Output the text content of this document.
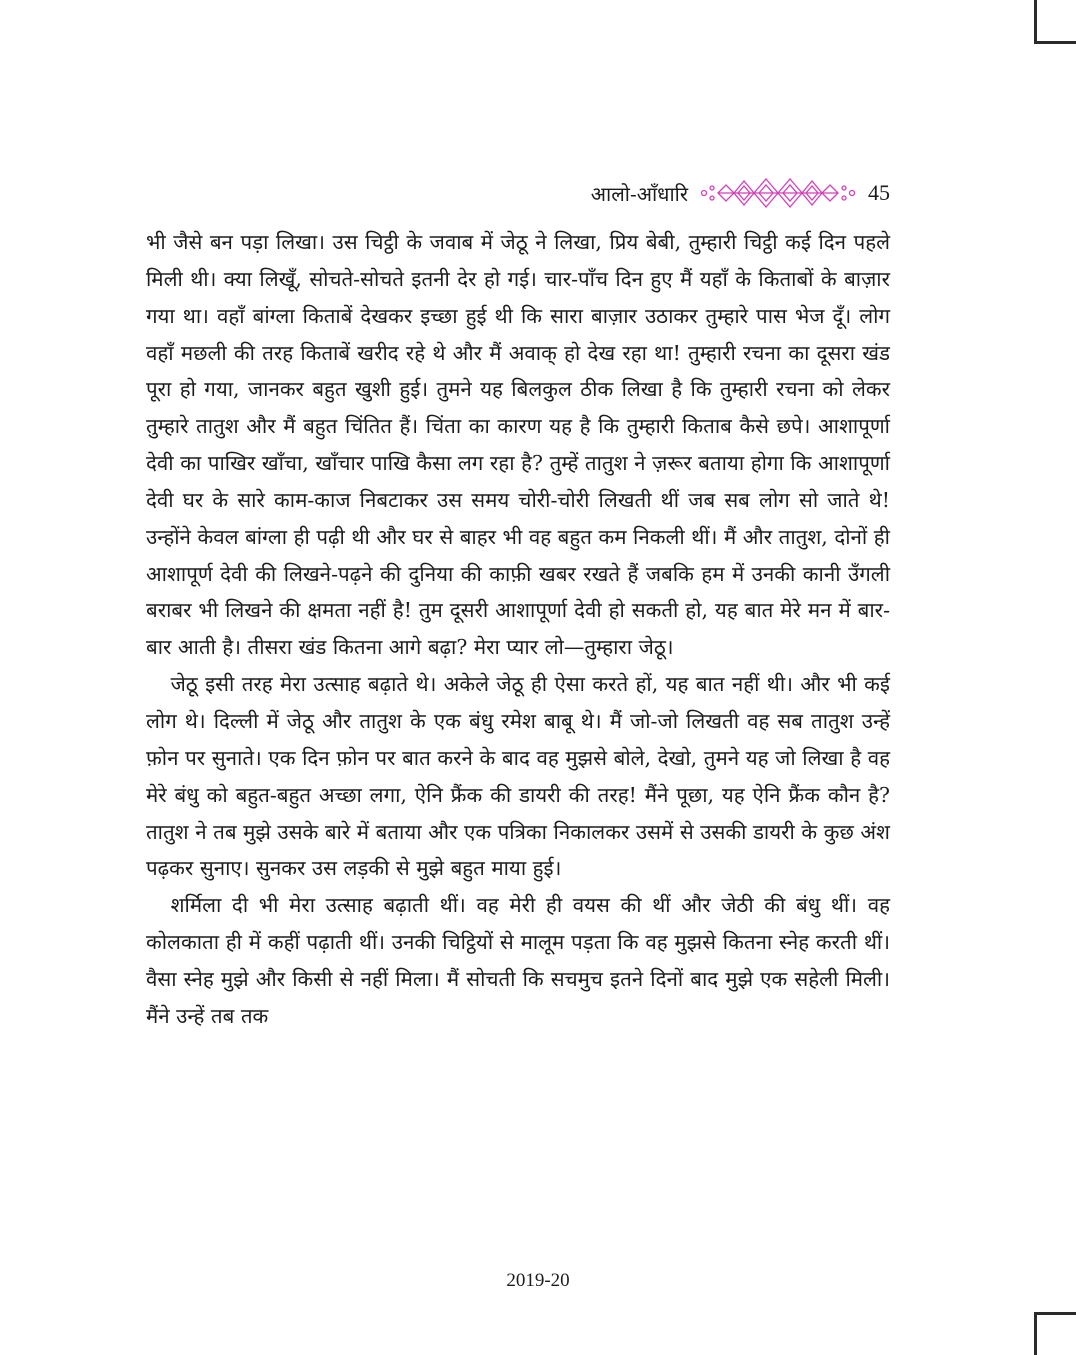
आलो-आँधारि	45

भी जैसे बन पड़ा लिखा। उस चिट्ठी के जवाब में जेठू ने लिखा, प्रिय बेबी, तुम्हारी चिट्ठी कई दिन पहले मिली थी। क्या लिखूँ, सोचते-सोचते इतनी देर हो गई। चार-पाँच दिन हुए मैं यहाँ के किताबों के बाज़ार गया था। वहाँ बांग्ला किताबें देखकर इच्छा हुई थी कि सारा बाज़ार उठाकर तुम्हारे पास भेज दूँ। लोग वहाँ मछली की तरह किताबें खरीद रहे थे और मैं अवाक् हो देख रहा था! तुम्हारी रचना का दूसरा खंड पूरा हो गया, जानकर बहुत खुशी हुई। तुमने यह बिलकुल ठीक लिखा है कि तुम्हारी रचना को लेकर तुम्हारे तातुश और मैं बहुत चिंतित हैं। चिंता का कारण यह है कि तुम्हारी किताब कैसे छपे। आशापूर्णा देवी का पाखिर खाँचा, खाँचार पाखि कैसा लग रहा है? तुम्हें तातुश ने ज़रूर बताया होगा कि आशापूर्णा देवी घर के सारे काम-काज निबटाकर उस समय चोरी-चोरी लिखती थीं जब सब लोग सो जाते थे! उन्होंने केवल बांग्ला ही पढ़ी थी और घर से बाहर भी वह बहुत कम निकली थीं। मैं और तातुश, दोनों ही आशापूर्ण देवी की लिखने-पढ़ने की दुनिया की काफ़ी खबर रखते हैं जबकि हम में उनकी कानी उँगली बराबर भी लिखने की क्षमता नहीं है! तुम दूसरी आशापूर्णा देवी हो सकती हो, यह बात मेरे मन में बार-बार आती है। तीसरा खंड कितना आगे बढ़ा? मेरा प्यार लो—तुम्हारा जेठू।

जेठू इसी तरह मेरा उत्साह बढ़ाते थे। अकेले जेठू ही ऐसा करते हों, यह बात नहीं थी। और भी कई लोग थे। दिल्ली में जेठू और तातुश के एक बंधु रमेश बाबू थे। मैं जो-जो लिखती वह सब तातुश उन्हें फ़ोन पर सुनाते। एक दिन फ़ोन पर बात करने के बाद वह मुझसे बोले, देखो, तुमने यह जो लिखा है वह मेरे बंधु को बहुत-बहुत अच्छा लगा, ऐनि फ्रैंक की डायरी की तरह! मैंने पूछा, यह ऐनि फ्रैंक कौन है? तातुश ने तब मुझे उसके बारे में बताया और एक पत्रिका निकालकर उसमें से उसकी डायरी के कुछ अंश पढ़कर सुनाए। सुनकर उस लड़की से मुझे बहुत माया हुई।

शर्मिला दी भी मेरा उत्साह बढ़ाती थीं। वह मेरी ही वयस की थीं और जेठी की बंधु थीं। वह कोलकाता ही में कहीं पढ़ाती थीं। उनकी चिट्ठियों से मालूम पड़ता कि वह मुझसे कितना स्नेह करती थीं। वैसा स्नेह मुझे और किसी से नहीं मिला। मैं सोचती कि सचमुच इतने दिनों बाद मुझे एक सहेली मिली। मैंने उन्हें तब तक

2019-20
